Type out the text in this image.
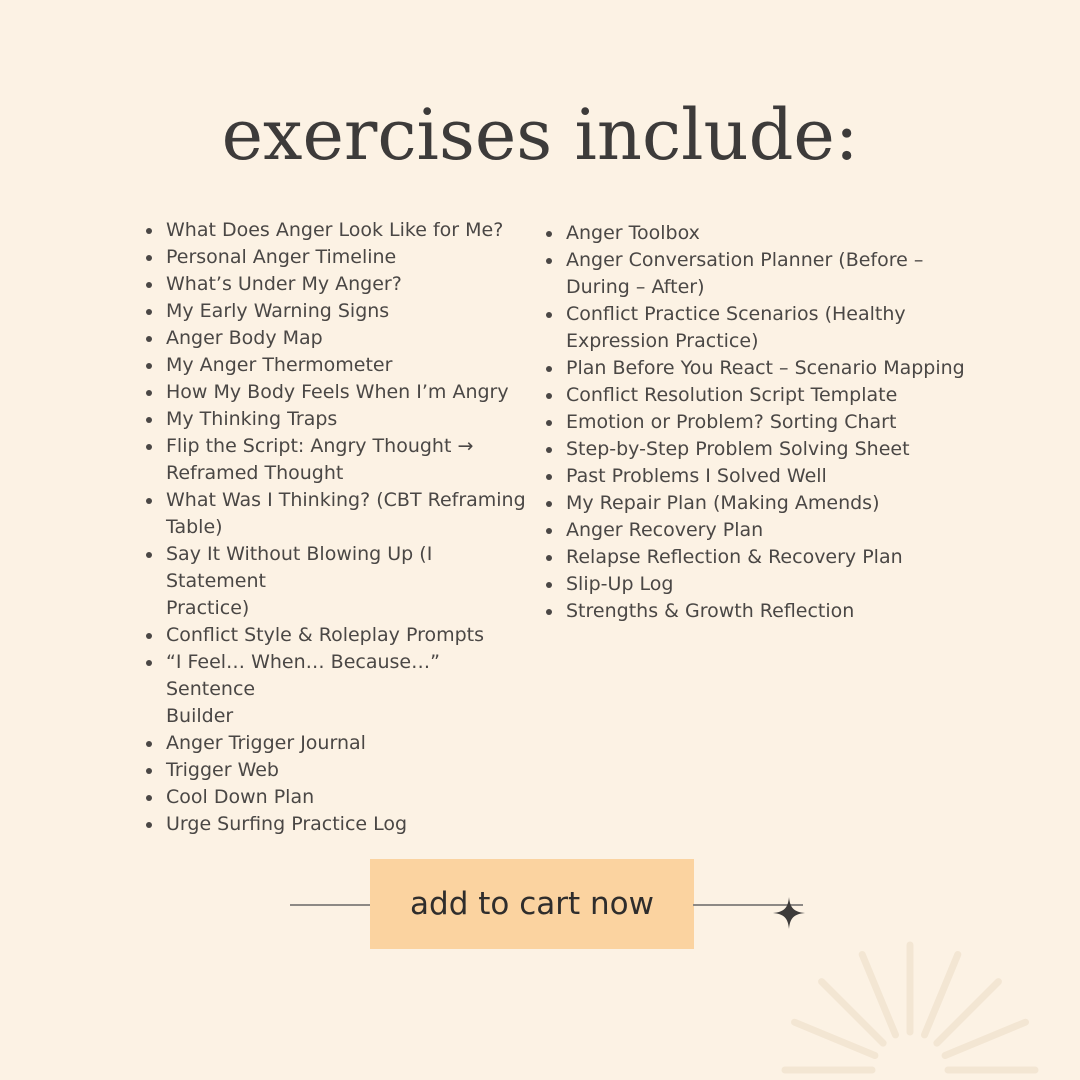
exercises include:
What Does Anger Look Like for Me?
Personal Anger Timeline
What’s Under My Anger?
My Early Warning Signs
Anger Body Map
My Anger Thermometer
How My Body Feels When I’m Angry
My Thinking Traps
Flip the Script: Angry Thought →
Reframed Thought
What Was I Thinking? (CBT Reframing
Table)
Say It Without Blowing Up (I Statement
Practice)
Conflict Style & Roleplay Prompts
“I Feel… When… Because…” Sentence
Builder
Anger Trigger Journal
Trigger Web
Cool Down Plan
Urge Surfing Practice Log
Anger Toolbox
Anger Conversation Planner (Before –
During – After)
Conflict Practice Scenarios (Healthy
Expression Practice)
Plan Before You React – Scenario Mapping
Conflict Resolution Script Template
Emotion or Problem? Sorting Chart
Step-by-Step Problem Solving Sheet
Past Problems I Solved Well
My Repair Plan (Making Amends)
Anger Recovery Plan
Relapse Reflection & Recovery Plan
Slip-Up Log
Strengths & Growth Reflection
add to cart now
